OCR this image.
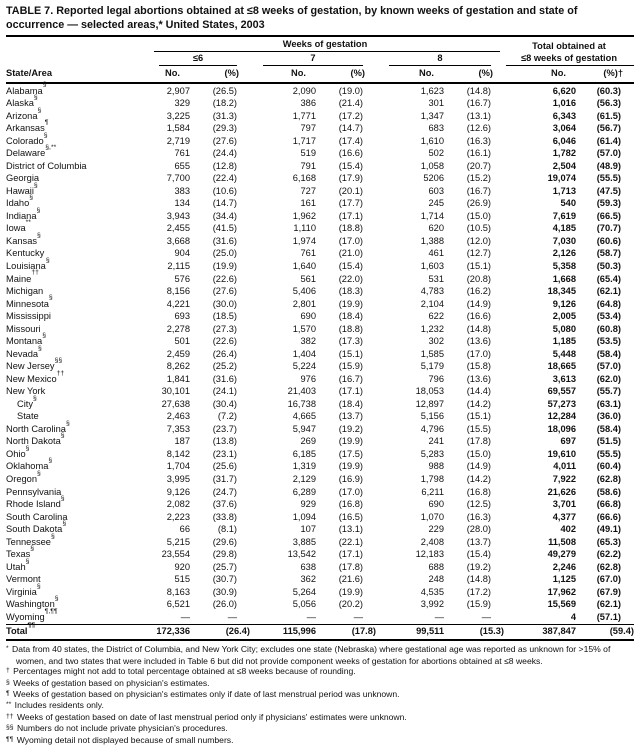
TABLE 7. Reported legal abortions obtained at ≤8 weeks of gestation, by known weeks of gestation and state of occurrence — selected areas,* United States, 2003
	Weeks of gestation						Total obtained at	
	≤6		7		8		≤8 weeks of gestation	
State/Area	No.	(%)	No.	(%)	No.	(%)	No.	(%)†
Alabama§	2,907	(26.5)	2,090	(19.0)	1,623	(14.8)	6,620	(60.3)
Alaska§	329	(18.2)	386	(21.4)	301	(16.7)	1,016	(56.3)
Arizona§	3,225	(31.3)	1,771	(17.2)	1,347	(13.1)	6,343	(61.5)
Arkansas¶	1,584	(29.3)	797	(14.7)	683	(12.6)	3,064	(56.7)
Colorado§	2,719	(27.6)	1,717	(17.4)	1,610	(16.3)	6,046	(61.4)
Delaware§,**	761	(24.4)	519	(16.6)	502	(16.1)	1,782	(57.0)
District of Columbia	655	(12.8)	791	(15.4)	1,058	(20.7)	2,504	(48.9)
Georgia	7,700	(22.4)	6,168	(17.9)	5206	(15.2)	19,074	(55.5)
Hawaii§	383	(10.6)	727	(20.1)	603	(16.7)	1,713	(47.5)
Idaho§	134	(14.7)	161	(17.7)	245	(26.9)	540	(59.3)
Indiana§	3,943	(34.4)	1,962	(17.1)	1,714	(15.0)	7,619	(66.5)
Iowa**	2,455	(41.5)	1,110	(18.8)	620	(10.5)	4,185	(70.7)
Kansas§	3,668	(31.6)	1,974	(17.0)	1,388	(12.0)	7,030	(60.6)
Kentucky	904	(25.0)	761	(21.0)	461	(12.7)	2,126	(58.7)
Louisiana§	2,115	(19.9)	1,640	(15.4)	1,603	(15.1)	5,358	(50.3)
Maine††	576	(22.6)	561	(22.0)	531	(20.8)	1,668	(65.4)
Michigan	8,156	(27.6)	5,406	(18.3)	4,783	(16.2)	18,345	(62.1)
Minnesota§	4,221	(30.0)	2,801	(19.9)	2,104	(14.9)	9,126	(64.8)
Mississippi	693	(18.5)	690	(18.4)	622	(16.6)	2,005	(53.4)
Missouri	2,278	(27.3)	1,570	(18.8)	1,232	(14.8)	5,080	(60.8)
Montana§	501	(22.6)	382	(17.3)	302	(13.6)	1,185	(53.5)
Nevada§	2,459	(26.4)	1,404	(15.1)	1,585	(17.0)	5,448	(58.4)
New Jersey§§	8,262	(25.2)	5,224	(15.9)	5,179	(15.8)	18,665	(57.0)
New Mexico††	1,841	(31.6)	976	(16.7)	796	(13.6)	3,613	(62.0)
New York	30,101	(24.1)	21,403	(17.1)	18,053	(14.4)	69,557	(55.7)
City§	27,638	(30.4)	16,738	(18.4)	12,897	(14.2)	57,273	(63.1)
State	2,463	(7.2)	4,665	(13.7)	5,156	(15.1)	12,284	(36.0)
North Carolina§	7,353	(23.7)	5,947	(19.2)	4,796	(15.5)	18,096	(58.4)
North Dakota§	187	(13.8)	269	(19.9)	241	(17.8)	697	(51.5)
Ohio§	8,142	(23.1)	6,185	(17.5)	5,283	(15.0)	19,610	(55.5)
Oklahoma§	1,704	(25.6)	1,319	(19.9)	988	(14.9)	4,011	(60.4)
Oregon§	3,995	(31.7)	2,129	(16.9)	1,798	(14.2)	7,922	(62.8)
Pennsylvania	9,126	(24.7)	6,289	(17.0)	6,211	(16.8)	21,626	(58.6)
Rhode Island§	2,082	(37.6)	929	(16.8)	690	(12.5)	3,701	(66.8)
South Carolina	2,223	(33.8)	1,094	(16.5)	1,070	(16.3)	4,377	(66.6)
South Dakota§	66	(8.1)	107	(13.1)	229	(28.0)	402	(49.1)
Tennessee§	5,215	(29.6)	3,885	(22.1)	2,408	(13.7)	11,508	(65.3)
Texas§	23,554	(29.8)	13,542	(17.1)	12,183	(15.4)	49,279	(62.2)
Utah§	920	(25.7)	638	(17.8)	688	(19.2)	2,246	(62.8)
Vermont	515	(30.7)	362	(21.6)	248	(14.8)	1,125	(67.0)
Virginia§	8,163	(30.9)	5,264	(19.9)	4,535	(17.2)	17,962	(67.9)
Washington§	6,521	(26.0)	5,056	(20.2)	3,992	(15.9)	15,569	(62.1)
Wyoming¶,¶¶	—	—	—	—	—	—	4	(57.1)
Total¶¶	172,336	(26.4)	115,996	(17.8)	99,511	(15.3)	387,847	(59.4)
* Data from 40 states, the District of Columbia, and New York City; excludes one state (Nebraska) where gestational age was reported as unknown for >15% of women, and two states that were included in Table 6 but did not provide component weeks of gestation for abortions obtained at ≤8 weeks.
† Percentages might not add to total percentage obtained at ≤8 weeks because of rounding.
§ Weeks of gestation based on physician's estimates.
¶ Weeks of gestation based on physician's estimates only if date of last menstrual period was unknown.
** Includes residents only.
†† Weeks of gestation based on date of last menstrual period only if physicians' estimates were unknown.
§§ Numbers do not include private physician's procedures.
¶¶ Wyoming detail not displayed because of small numbers.
